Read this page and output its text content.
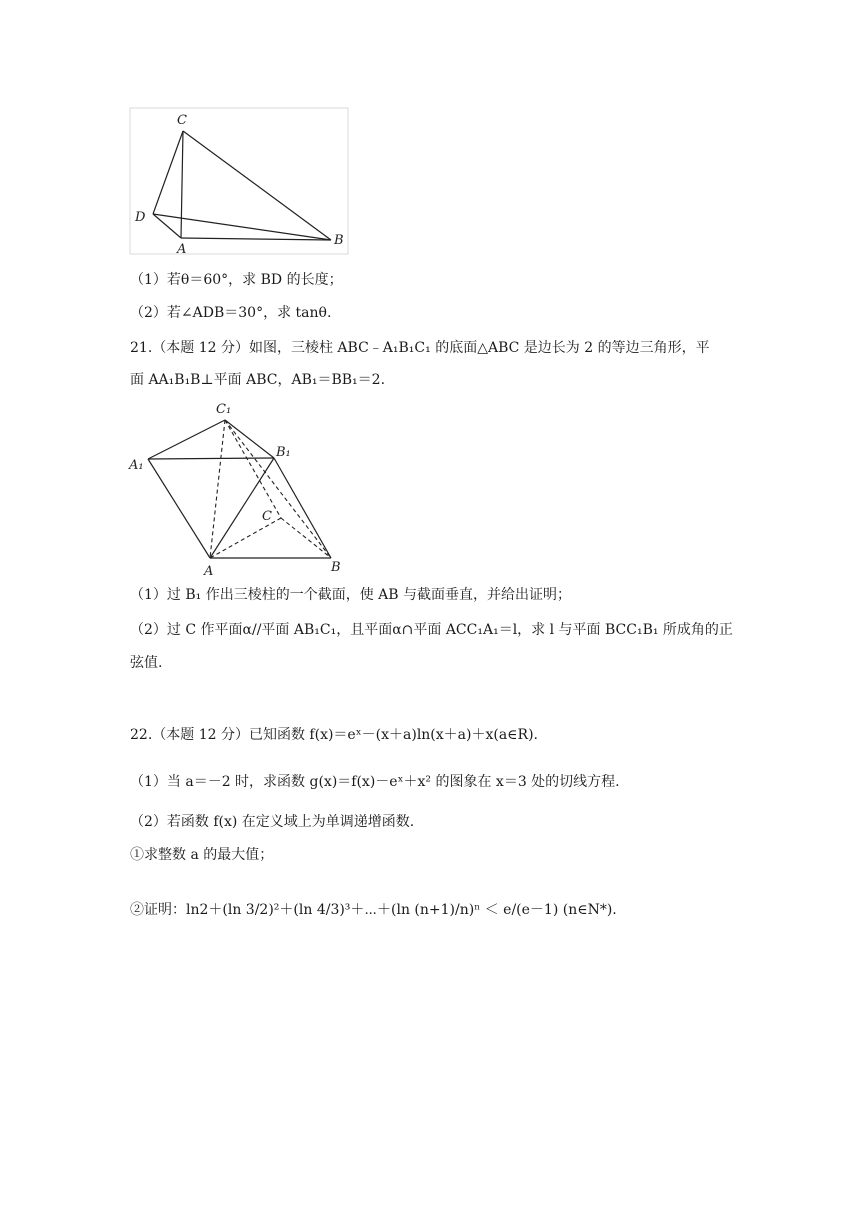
C
D
A
B
（1）若θ＝60°，求 BD 的长度；
（2）若∠ADB＝30°，求 tanθ.
21.（本题 12 分）如图，三棱柱 ABC﹣A₁B₁C₁ 的底面△ABC 是边长为 2 的等边三角形，平
面 AA₁B₁B⊥平面 ABC，AB₁＝BB₁＝2.
C₁
A₁
B₁
C
A	B
（1）过 B₁ 作出三棱柱的一个截面，使 AB 与截面垂直，并给出证明；
（2）过 C 作平面α//平面 AB₁C₁，且平面α∩平面 ACC₁A₁＝l，求 l 与平面 BCC₁B₁ 所成角的正
弦值.
22.（本题 12 分）已知函数 f(x)＝eˣ－(x＋a)ln(x＋a)＋x(a∈R).
（1）当 a＝－2 时，求函数 g(x)＝f(x)－eˣ＋x² 的图象在 x＝3 处的切线方程.
（2）若函数 f(x) 在定义域上为单调递增函数.
①求整数 a 的最大值；
②证明：ln2＋(ln 3/2)²＋(ln 4/3)³＋⋯＋(ln (n+1)/n)ⁿ ＜ e/(e－1) (n∈N*).
